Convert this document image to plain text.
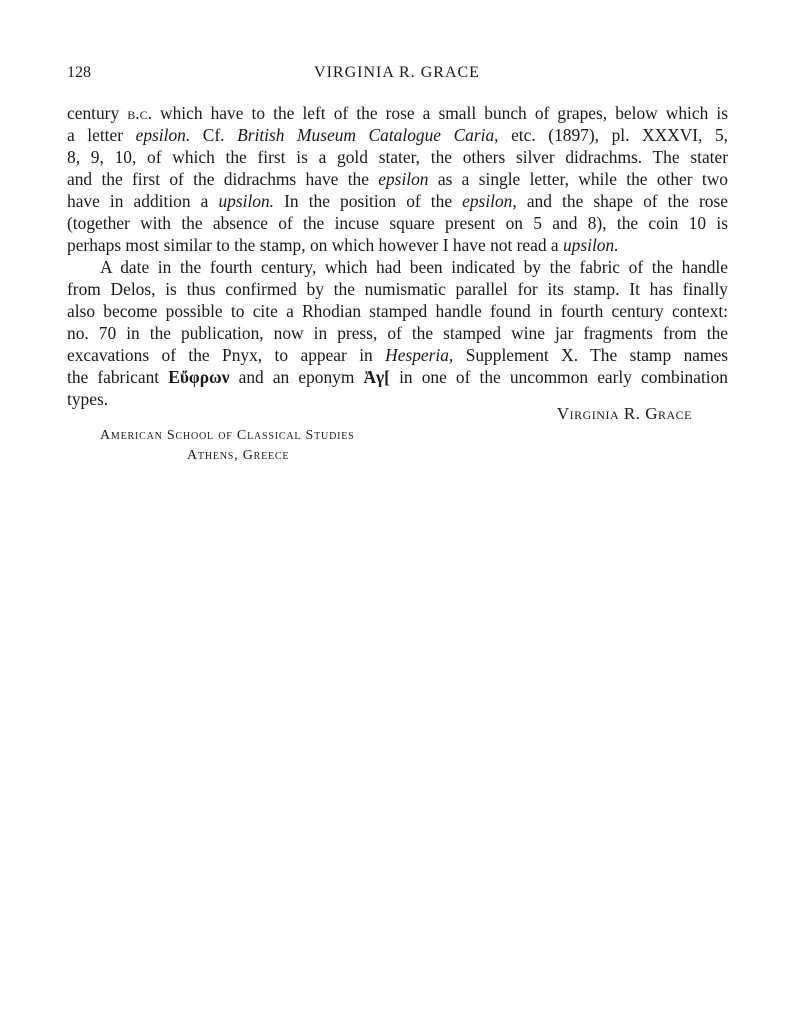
128	VIRGINIA R. GRACE
century b.c. which have to the left of the rose a small bunch of grapes, below which is
a letter epsilon. Cf. British Museum Catalogue Caria, etc. (1897), pl. XXXVI, 5,
8, 9, 10, of which the first is a gold stater, the others silver didrachms. The stater
and the first of the didrachms have the epsilon as a single letter, while the other two
have in addition a upsilon. In the position of the epsilon, and the shape of the rose
(together with the absence of the incuse square present on 5 and 8), the coin 10 is
perhaps most similar to the stamp, on which however I have not read a upsilon.
A date in the fourth century, which had been indicated by the fabric of the handle
from Delos, is thus confirmed by the numismatic parallel for its stamp. It has finally
also become possible to cite a Rhodian stamped handle found in fourth century context:
no. 70 in the publication, now in press, of the stamped wine jar fragments from the
excavations of the Pnyx, to appear in Hesperia, Supplement X. The stamp names
the fabricant Εὔφρων and an eponym Ἀγ[ in one of the uncommon early combination
types.
Virginia R. Grace
American School of Classical Studies
Athens, Greece
